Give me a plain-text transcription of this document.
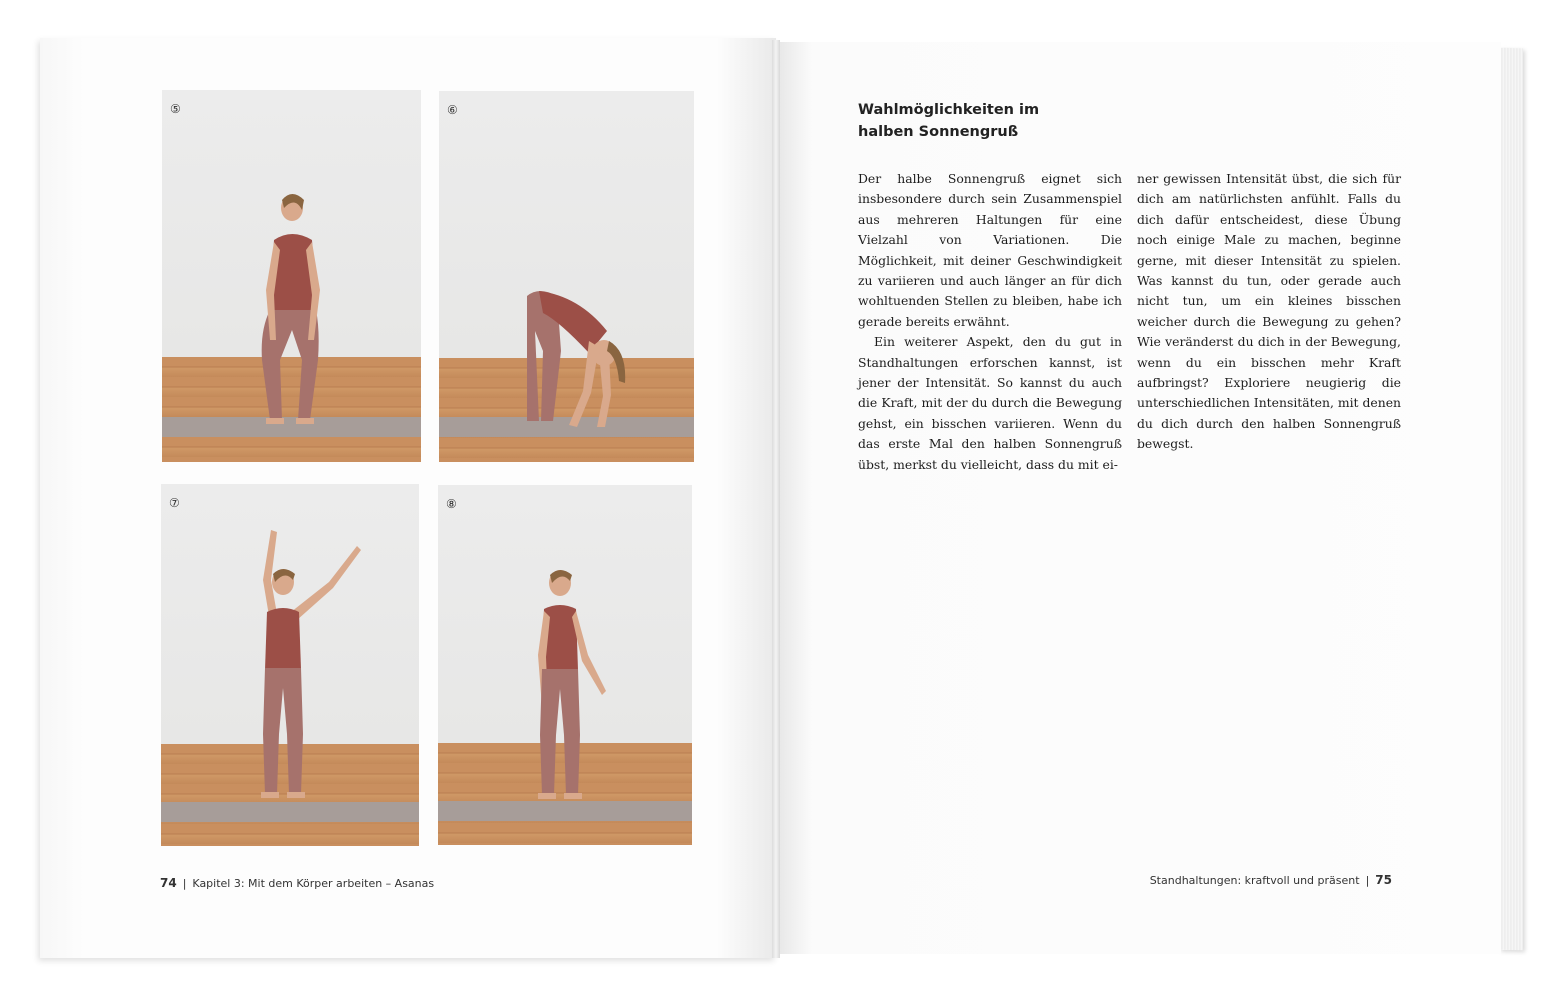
⑤	⑥
⑦	⑧
Wahlmöglichkeiten im
halben Sonnengruß

Der halbe Sonnengruß eignet sich insbesondere durch sein Zusammenspiel aus mehreren Haltungen für eine Vielzahl von Variationen. Die Möglichkeit, mit deiner Geschwindigkeit zu variieren und auch länger an für dich wohltuenden Stellen zu bleiben, habe ich gerade bereits erwähnt.

Ein weiterer Aspekt, den du gut in Standhaltungen erforschen kannst, ist jener der Intensität. So kannst du auch die Kraft, mit der du durch die Bewegung gehst, ein bisschen variieren. Wenn du das erste Mal den halben Sonnengruß übst, merkst du vielleicht, dass du mit ei-

ner gewissen Intensität übst, die sich für dich am natürlichsten anfühlt. Falls du dich dafür entscheidest, diese Übung noch einige Male zu machen, beginne gerne, mit dieser Intensität zu spielen. Was kannst du tun, oder gerade auch nicht tun, um ein kleines bisschen weicher durch die Bewegung zu gehen? Wie veränderst du dich in der Bewegung, wenn du ein bisschen mehr Kraft aufbringst? Exploriere neugierig die unterschiedlichen Intensitäten, mit denen du dich durch den halben Sonnengruß bewegst.

74 | Kapitel 3: Mit dem Körper arbeiten – Asanas	Standhaltungen: kraftvoll und präsent | 75
